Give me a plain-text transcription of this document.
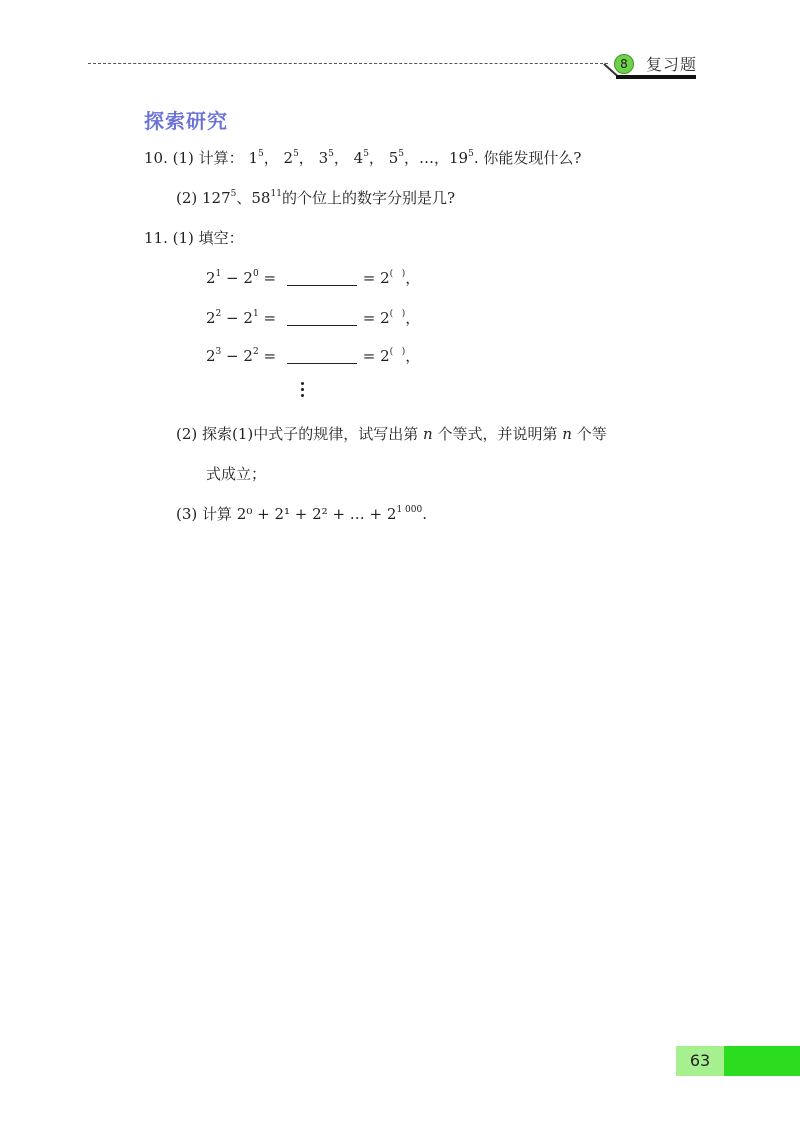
8	复习题
探索研究
10. (1) 计算： $1^5$， $2^5$， $3^5$， $4^5$， $5^5$，…，$19^5$. 你能发现什么?
(2) $127^5$、$58^{11}$的个位上的数字分别是几?
11. (1) 填空：
$2^1 - 2^0$ =	= 2(   )，
$2^2 - 2^1$ =	= 2(   )，
$2^3 - 2^2$ =	= 2(   )，
(2) 探索(1)中式子的规律，试写出第 n 个等式，并说明第 n 个等
式成立；
(3) 计算 2⁰ + 2¹ + 2² + … + $2^{1 000}$.
63
